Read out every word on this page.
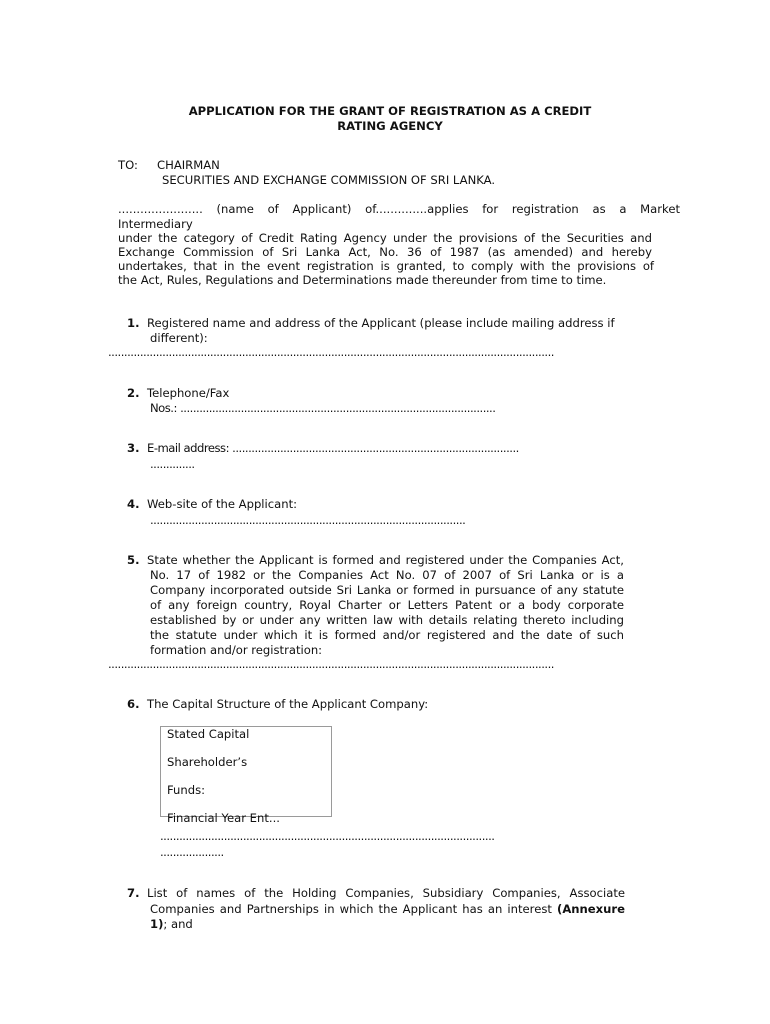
APPLICATION FOR THE GRANT OF REGISTRATION AS A CREDIT
RATING AGENCY
TO: CHAIRMAN
SECURITIES AND EXCHANGE COMMISSION OF SRI LANKA.
....................... (name of Applicant) of..............applies for registration as a Market
Intermediary
under the category of Credit Rating Agency under the provisions of the Securities and
Exchange Commission of Sri Lanka Act, No. 36 of 1987 (as amended) and hereby
undertakes, that in the event registration is granted, to comply with the provisions of
the Act, Rules, Regulations and Determinations made thereunder from time to time.
1. Registered name and address of the Applicant (please include mailing address if
different):
............................................................................................................................................
2. Telephone/Fax
Nos.: ...................................................................................................
3. E-mail address: ..........................................................................................
..............
4. Web-site of the Applicant:
...................................................................................................
5. State whether the Applicant is formed and registered under the Companies Act,
No. 17 of 1982 or the Companies Act No. 07 of 2007 of Sri Lanka or is a
Company incorporated outside Sri Lanka or formed in pursuance of any statute
of any foreign country, Royal Charter or Letters Patent or a body corporate
established by or under any written law with details relating thereto including
the statute under which it is formed and/or registered and the date of such
formation and/or registration:
............................................................................................................................................
6. The Capital Structure of the Applicant Company:
Stated Capital
Shareholder’s
Funds:
Financial Year Ent...
.........................................................................................................
....................
7. List of names of the Holding Companies, Subsidiary Companies, Associate
Companies and Partnerships in which the Applicant has an interest (Annexure
1); and
